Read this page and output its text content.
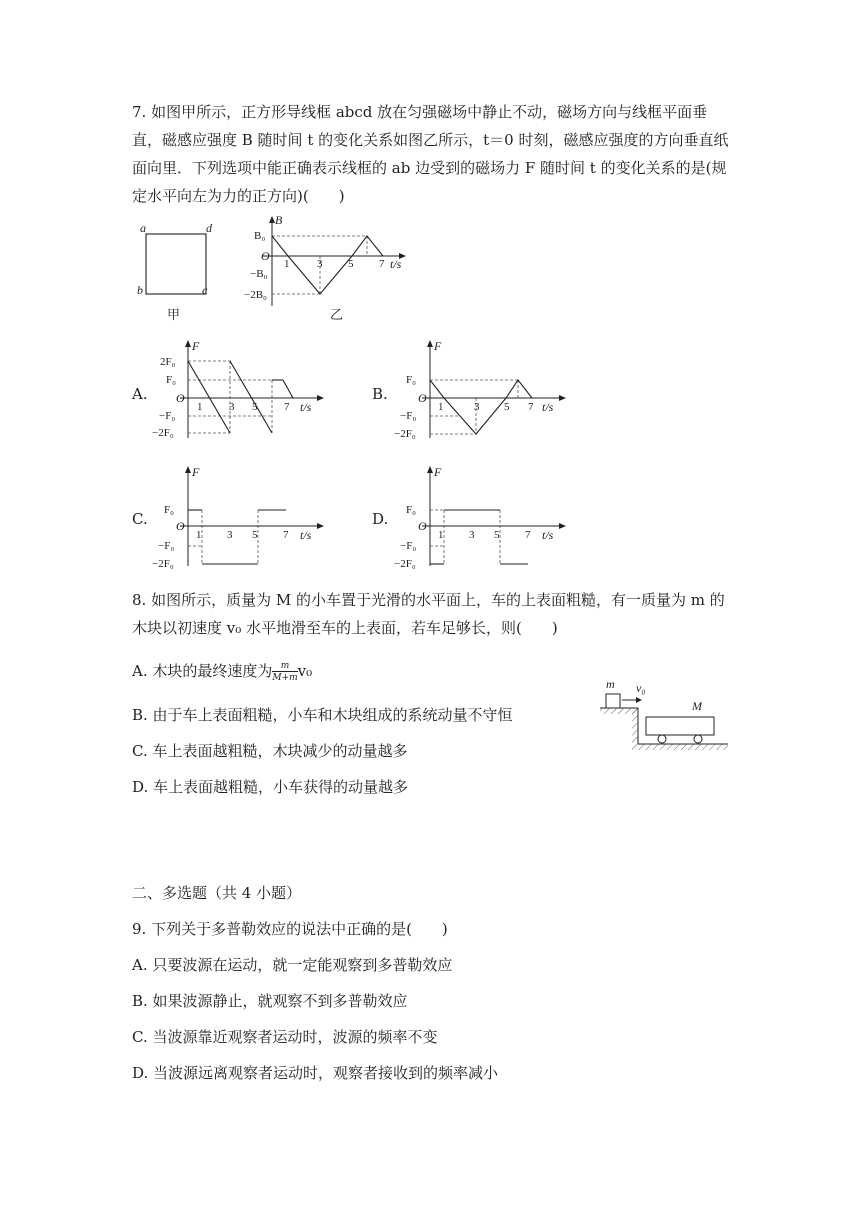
7. 如图甲所示，正方形导线框 abcd 放在匀强磁场中静止不动，磁场方向与线框平面垂直，磁感应强度 B 随时间 t 的变化关系如图乙所示，t＝0 时刻，磁感应强度的方向垂直纸面向里．下列选项中能正确表示线框的 ab 边受到的磁场力 F 随时间 t 的变化关系的是(规定水平向左为力的正方向)(　　)
a	d
b	c
甲
B
t/s
O
B₀
−B₀
−2B₀
1	3 5 7
乙
A.
F
t/s
O
2F₀
F₀
−F₀
−2F₀
1 3 5 7
B.
F
t/s
O
F₀
−F₀
−2F₀
1	3 5 7
C.
F
t/s
O
F₀
−F₀
−2F₀
1 3 5 7
D.
F
t/s
O
F₀
−F₀
−2F₀
1 3 5 7
8. 如图所示，质量为 M 的小车置于光滑的水平面上，车的上表面粗糙，有一质量为 m 的木块以初速度 v₀ 水平地滑至车的上表面，若车足够长，则(　　)
A. 木块的最终速度为 $\frac{m}{M+m} v_0$
B. 由于车上表面粗糙，小车和木块组成的系统动量不守恒
C. 车上表面越粗糙，木块减少的动量越多
D. 车上表面越粗糙，小车获得的动量越多
m v₀
M
二、多选题（共 4 小题）
9. 下列关于多普勒效应的说法中正确的是(　　)
A. 只要波源在运动，就一定能观察到多普勒效应
B. 如果波源静止，就观察不到多普勒效应
C. 当波源靠近观察者运动时，波源的频率不变
D. 当波源远离观察者运动时，观察者接收到的频率减小
